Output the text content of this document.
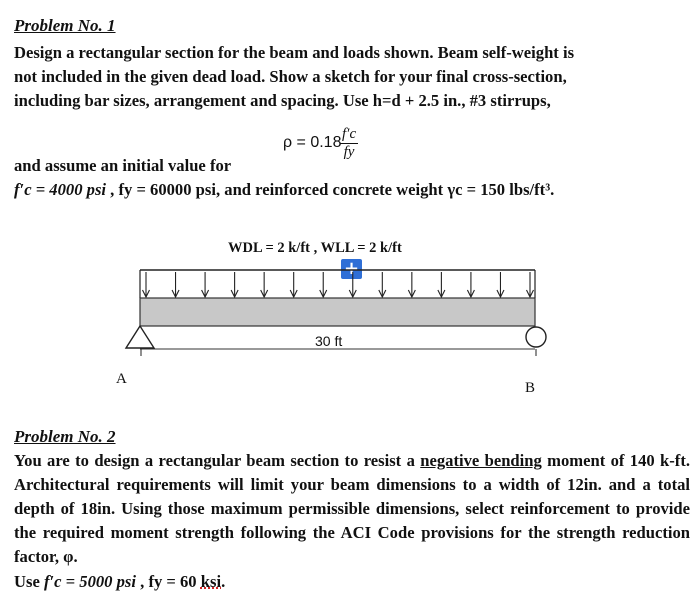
Problem No. 1
Design a rectangular section for the beam and loads shown. Beam self-weight is
not included in the given dead load. Show a sketch for your final cross-section,
including bar sizes, arrangement and spacing. Use h=d + 2.5 in., #3 stirrups,
ρ = 0.18
$\frac{f'c}{fy}$
and assume an initial value for
f′c = 4000 psi , fy = 60000 psi, and reinforced concrete weight γc = 150 lbs/ft³.
WDL = 2 k/ft , WLL = 2 k/ft
+
30 ft
A
B
Problem No. 2
You are to design a rectangular beam section to resist a negative bending moment of 140 k-ft. Architectural requirements will limit your beam dimensions to a width of 12in. and a total depth of 18in. Using those maximum permissible dimensions, select reinforcement to provide the required moment strength following the ACI Code provisions for the strength reduction factor, φ.
Use f′c = 5000 psi , fy = 60 ksi.
